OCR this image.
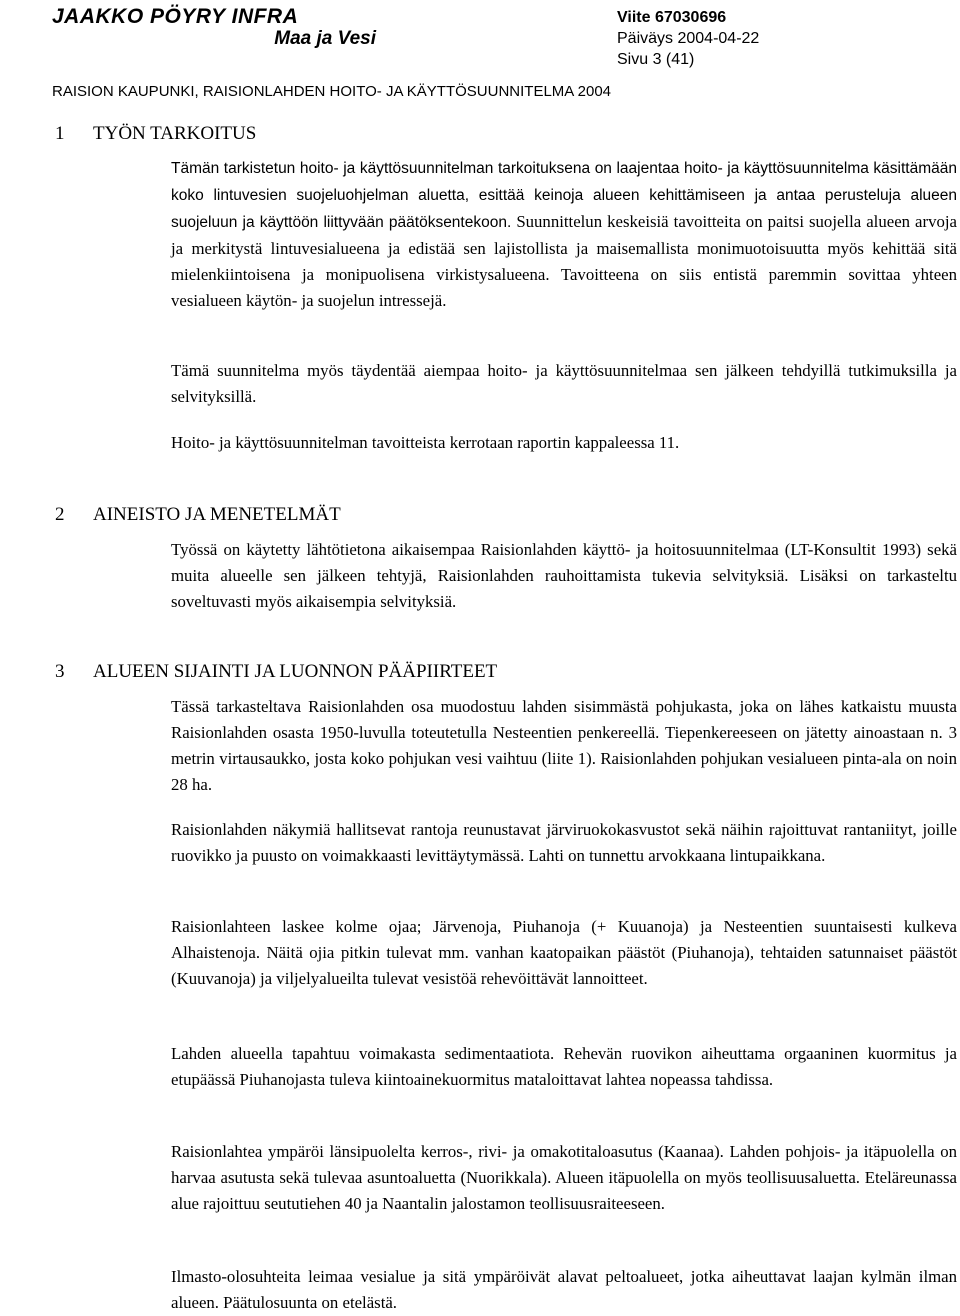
JAAKKO PÖYRY INFRA
Maa ja Vesi
Viite 67030696
Päiväys 2004-04-22
Sivu 3 (41)
RAISION KAUPUNKI, RAISIONLAHDEN HOITO- JA KÄYTTÖSUUNNITELMA 2004
1 TYÖN TARKOITUS
Tämän tarkistetun hoito- ja käyttösuunnitelman tarkoituksena on laajentaa hoito- ja käyttösuunnitelma käsittämään koko lintuvesien suojeluohjelman aluetta, esittää keinoja alueen kehittämiseen ja antaa perusteluja alueen suojeluun ja käyttöön liittyvään päätöksentekoon. Suunnittelun keskeisiä tavoitteita on paitsi suojella alueen arvoja ja merkitystä lintuvesialueena ja edistää sen lajistollista ja maisemallista monimuotoisuutta myös kehittää sitä mielenkiintoisena ja monipuolisena virkistysalueena. Tavoitteena on siis entistä paremmin sovittaa yhteen vesialueen käytön- ja suojelun intressejä.
Tämä suunnitelma myös täydentää aiempaa hoito- ja käyttösuunnitelmaa sen jälkeen tehdyillä tutkimuksilla ja selvityksillä.
Hoito- ja käyttösuunnitelman tavoitteista kerrotaan raportin kappaleessa 11.
2 AINEISTO JA MENETELMÄT
Työssä on käytetty lähtötietona aikaisempaa Raisionlahden käyttö- ja hoitosuunnitelmaa (LT-Konsultit 1993) sekä muita alueelle sen jälkeen tehtyjä, Raisionlahden rauhoittamista tukevia selvityksiä. Lisäksi on tarkasteltu soveltuvasti myös aikaisempia selvityksiä.
3 ALUEEN SIJAINTI JA LUONNON PÄÄPIIRTEET
Tässä tarkasteltava Raisionlahden osa muodostuu lahden sisimmästä pohjukasta, joka on lähes katkaistu muusta Raisionlahden osasta 1950-luvulla toteutetulla Nesteentien penkereellä. Tiepenkereeseen on jätetty ainoastaan n. 3 metrin virtausaukko, josta koko pohjukan vesi vaihtuu (liite 1). Raisionlahden pohjukan vesialueen pinta-ala on noin 28 ha.
Raisionlahden näkymiä hallitsevat rantoja reunustavat järviruokokasvustot sekä näihin rajoittuvat rantaniityt, joille ruovikko ja puusto on voimakkaasti levittäytymässä. Lahti on tunnettu arvokkaana lintupaikkana.
Raisionlahteen laskee kolme ojaa; Järvenoja, Piuhanoja (+ Kuuanoja) ja Nesteentien suuntaisesti kulkeva Alhaistenoja. Näitä ojia pitkin tulevat mm. vanhan kaatopaikan päästöt (Piuhanoja), tehtaiden satunnaiset päästöt (Kuuvanoja) ja viljelyalueilta tulevat vesistöä rehevöittävät lannoitteet.
Lahden alueella tapahtuu voimakasta sedimentaatiota. Rehevän ruovikon aiheuttama orgaaninen kuormitus ja etupäässä Piuhanojasta tuleva kiintoainekuormitus mataloittavat lahtea nopeassa tahdissa.
Raisionlahtea ympäröi länsipuolelta kerros-, rivi- ja omakotitaloasutus (Kaanaa). Lahden pohjois- ja itäpuolella on harvaa asutusta sekä tulevaa asuntoaluetta (Nuorikkala). Alueen itäpuolella on myös teollisuusaluetta. Eteläreunassa alue rajoittuu seututiehen 40 ja Naantalin jalostamon teollisuusraiteeseen.
Ilmasto-olosuhteita leimaa vesialue ja sitä ympäröivät alavat peltoalueet, jotka aiheuttavat laajan kylmän ilman alueen. Päätulosuunta on etelästä.
